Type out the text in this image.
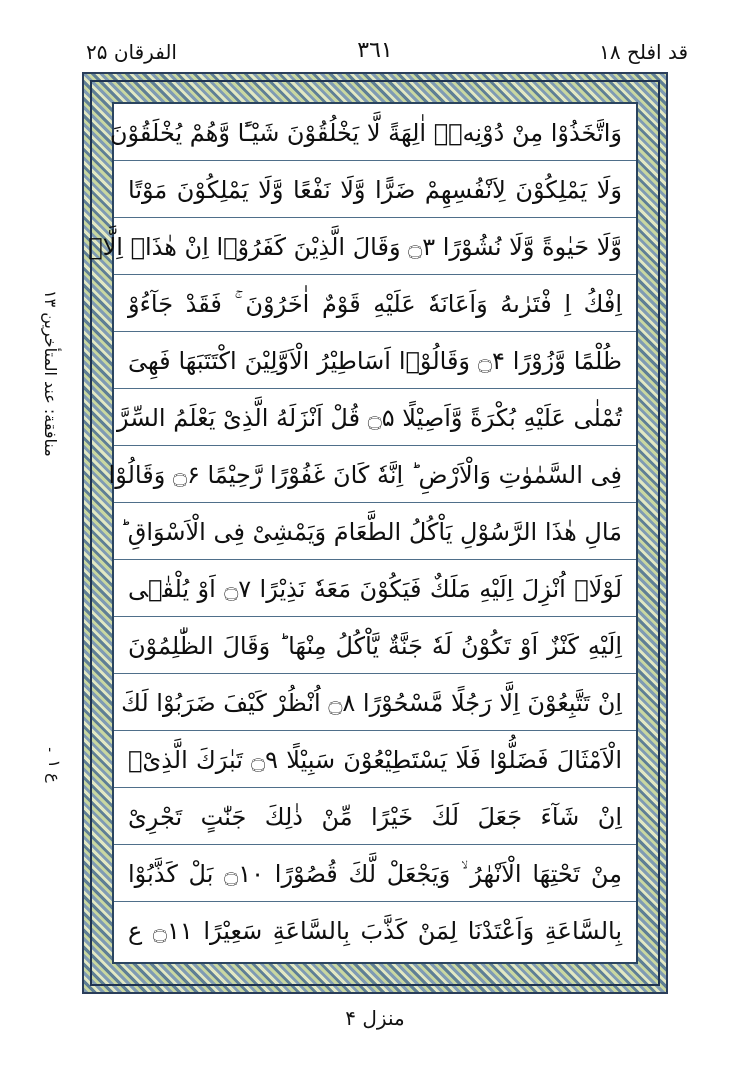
قد افلح ۱۸
٣٦١
الفرقان ۲۵
منافقة: عند المتأخرين ١٣
ع ۱ ۔
وَاتَّخَذُوْا مِنْ دُوْنِهٖۤ اٰلِهَةً لَّا یَخْلُقُوْنَ شَیْـًٔا وَّهُمْ یُخْلَقُوْنَ
وَلَا یَمْلِكُوْنَ لِاَنْفُسِهِمْ ضَرًّا وَّلَا نَفْعًا وَّلَا یَمْلِكُوْنَ مَوْتًا
وَّلَا حَیٰوةً وَّلَا نُشُوْرًا ۝۳ وَقَالَ الَّذِیْنَ كَفَرُوْۤا اِنْ هٰذَاۤ اِلَّاۤ
اِفْكُ اِ فْتَرٰىهُ وَاَعَانَهٗ عَلَیْهِ قَوْمٌ اٰخَرُوْنَ ۚ فَقَدْ جَآءُوْ
ظُلْمًا وَّزُوْرًا ۝۴ وَقَالُوْۤا اَسَاطِیْرُ الْاَوَّلِیْنَ اكْتَتَبَهَا فَهِیَ
تُمْلٰى عَلَیْهِ بُكْرَةً وَّاَصِیْلًا ۝۵ قُلْ اَنْزَلَهُ الَّذِیْ یَعْلَمُ السِّرَّ
فِی السَّمٰوٰتِ وَالْاَرْضِ ؕ اِنَّهٗ كَانَ غَفُوْرًا رَّحِیْمًا ۝۶ وَقَالُوْا
مَالِ هٰذَا الرَّسُوْلِ یَاْكُلُ الطَّعَامَ وَیَمْشِیْ فِی الْاَسْوَاقِ ؕ
لَوْلَاۤ اُنْزِلَ اِلَیْهِ مَلَكٌ فَیَكُوْنَ مَعَهٗ نَذِیْرًا ۝۷ اَوْ یُلْقٰۤى
اِلَیْهِ كَنْزٌ اَوْ تَكُوْنُ لَهٗ جَنَّةٌ یَّاْكُلُ مِنْهَا ؕ وَقَالَ الظّٰلِمُوْنَ
اِنْ تَتَّبِعُوْنَ اِلَّا رَجُلًا مَّسْحُوْرًا ۝۸ اُنْظُرْ كَیْفَ ضَرَبُوْا لَكَ
الْاَمْثَالَ فَضَلُّوْا فَلَا یَسْتَطِیْعُوْنَ سَبِیْلًا ۝۹ تَبٰرَكَ الَّذِیْۤ
اِنْ شَآءَ جَعَلَ لَكَ خَیْرًا مِّنْ ذٰلِكَ جَنّٰتٍ تَجْرِیْ
مِنْ تَحْتِهَا الْاَنْهٰرُ ۙ وَیَجْعَلْ لَّكَ قُصُوْرًا ۝۱۰ بَلْ كَذَّبُوْا
بِالسَّاعَةِ وَاَعْتَدْنَا لِمَنْ كَذَّبَ بِالسَّاعَةِ سَعِیْرًا ۝۱۱ ع
منزل ۴
